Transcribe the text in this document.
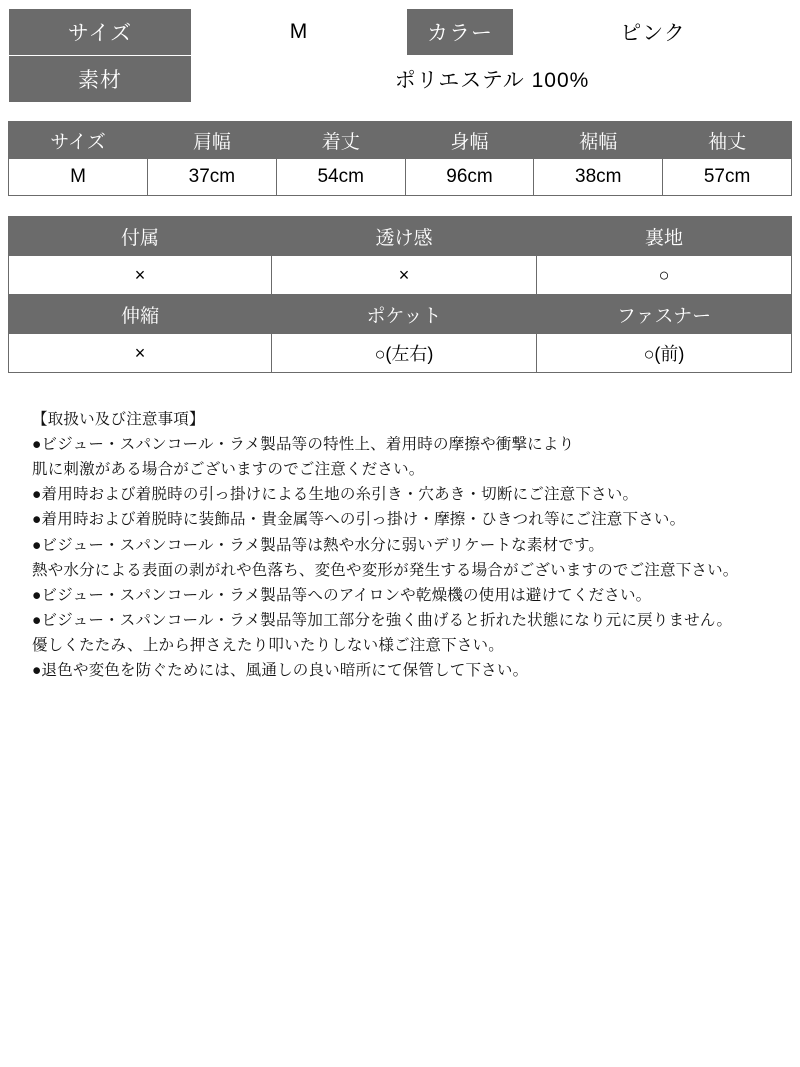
サイズ	M	カラー	ピンク
素材	ポリエステル 100%		
サイズ	肩幅	着丈	身幅	裾幅	袖丈
M	37cm	54cm	96cm	38cm	57cm
付属	透け感	裏地
×	×	○
伸縮	ポケット	ファスナー
×	○(左右)	○(前)
【取扱い及び注意事項】
●ビジュー・スパンコール・ラメ製品等の特性上、着用時の摩擦や衝撃により
肌に刺激がある場合がございますのでご注意ください。
●着用時および着脱時の引っ掛けによる生地の糸引き・穴あき・切断にご注意下さい。
●着用時および着脱時に装飾品・貴金属等への引っ掛け・摩擦・ひきつれ等にご注意下さい。
●ビジュー・スパンコール・ラメ製品等は熱や水分に弱いデリケートな素材です。
熱や水分による表面の剥がれや色落ち、変色や変形が発生する場合がございますのでご注意下さい。
●ビジュー・スパンコール・ラメ製品等へのアイロンや乾燥機の使用は避けてください。
●ビジュー・スパンコール・ラメ製品等加工部分を強く曲げると折れた状態になり元に戻りません。
優しくたたみ、上から押さえたり叩いたりしない様ご注意下さい。
●退色や変色を防ぐためには、風通しの良い暗所にて保管して下さい。
